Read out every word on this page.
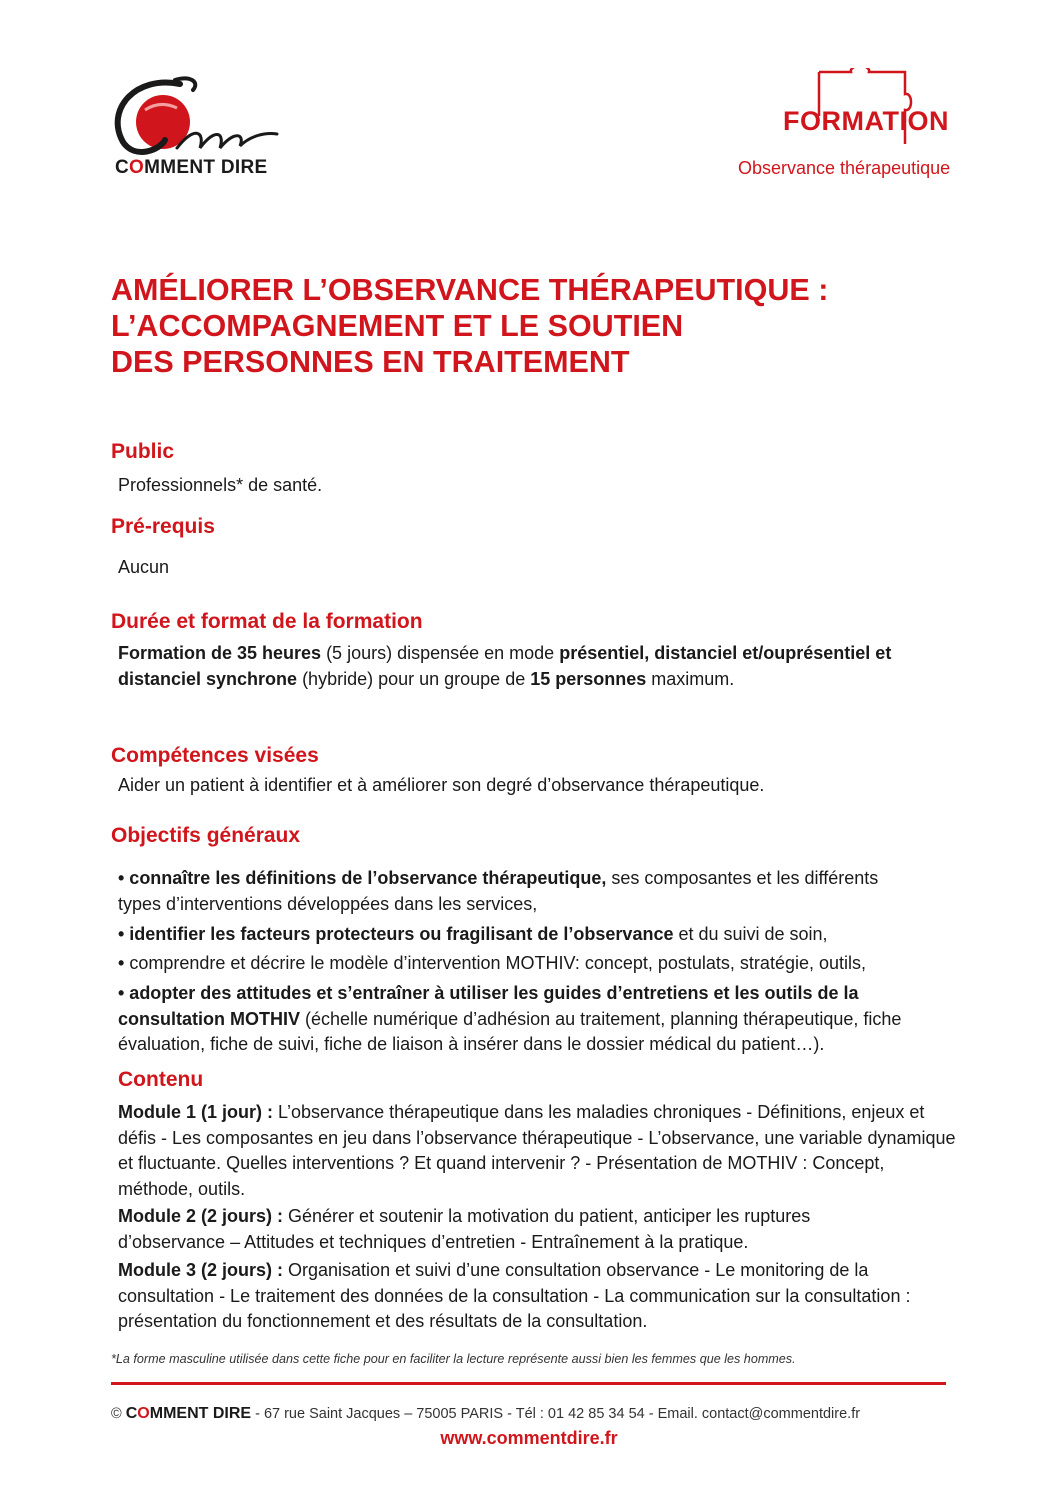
COMMENT DIRE
FORMATION
Observance thérapeutique
AMÉLIORER L’OBSERVANCE THÉRAPEUTIQUE :
L’ACCOMPAGNEMENT ET LE SOUTIEN
DES PERSONNES EN TRAITEMENT
Public
Professionnels* de santé.
Pré-requis
Aucun
Durée et format de la formation
Formation de 35 heures (5 jours) dispensée en mode présentiel, distanciel et/ouprésentiel et distanciel synchrone (hybride) pour un groupe de 15 personnes maximum.
Compétences visées
Aider un patient à identifier et à améliorer son degré d’observance thérapeutique.
Objectifs généraux
• connaître les définitions de l’observance thérapeutique, ses composantes et les différents types d’interventions développées dans les services,
• identifier les facteurs protecteurs ou fragilisant de l’observance et du suivi de soin,
• comprendre et décrire le modèle d’intervention MOTHIV: concept, postulats, stratégie, outils,
• adopter des attitudes et s’entraîner à utiliser les guides d’entretiens et les outils de la consultation MOTHIV (échelle numérique d’adhésion au traitement, planning thérapeutique, fiche évaluation, fiche de suivi, fiche de liaison à insérer dans le dossier médical du patient…).
Contenu
Module 1 (1 jour) : L’observance thérapeutique dans les maladies chroniques - Définitions, enjeux et défis - Les composantes en jeu dans l’observance thérapeutique - L’observance, une variable dynamique et fluctuante. Quelles interventions ? Et quand intervenir ? - Présentation de MOTHIV : Concept, méthode, outils.
Module 2 (2 jours) : Générer et soutenir la motivation du patient, anticiper les ruptures d’observance – Attitudes et techniques d’entretien - Entraînement à la pratique.
Module 3 (2 jours) : Organisation et suivi d’une consultation observance - Le monitoring de la consultation - Le traitement des données de la consultation - La communication sur la consultation : présentation du fonctionnement et des résultats de la consultation.
*La forme masculine utilisée dans cette fiche pour en faciliter la lecture représente aussi bien les femmes que les hommes.
© COMMENT DIRE - 67 rue Saint Jacques – 75005 PARIS - Tél : 01 42 85 34 54 - Email. contact@commentdire.fr
www.commentdire.fr
